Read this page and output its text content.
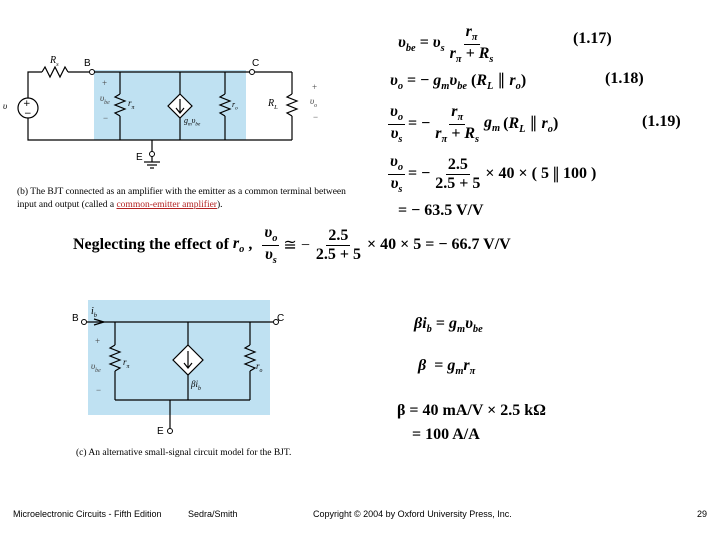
+
−
$R_s$	B	C
E
+
$\upsilon_{be}$
−
$r_\pi$
$g_m\upsilon_{be}$
$r_o$	$R_L$
+
$\upsilon_o$
−
υ
(b) The BJT connected as an amplifier with the emitter as a common terminal between input and output (called a common-emitter amplifier).
$\upsilon_{be} = \upsilon_s \frac{r_\pi}{r_\pi + R_s}$	(1.17)
$\upsilon_o$ = − $g_m\upsilon_{be}$ ($R_L$ ∥ $r_o$)	(1.18)
$\frac{\upsilon_o}{\upsilon_s}$ = − $\frac{r_\pi}{r_\pi + R_s} g_m$ ($R_L$ ∥ $r_o$)	(1.19)
$\frac{\upsilon_o}{\upsilon_s}$ = − $\frac{2.5}{2.5 + 5} \times 40$ × ( 5 ∥ 100 )
= − 63.5 V/V
Neglecting the effect of $r_o$ , $\frac{\upsilon_o}{\upsilon_s}$ ≅ − $\frac{2.5}{2.5 + 5} \times 40 \times 5$ = − 66.7 V/V
B	C
E
$i_b$
+
$\upsilon_{be}$
−
$r_\pi$
$\beta i_b$
$r_o$
(c) An alternative small-signal circuit model for the BJT.
$\beta i_b = g_m\upsilon_{be}$
$\beta = g_mr_\pi$
β = 40 mA/V × 2.5 kΩ
= 100 A/A
Microelectronic Circuits - Fifth Edition	Sedra/Smith	Copyright © 2004 by Oxford University Press, Inc.	29
